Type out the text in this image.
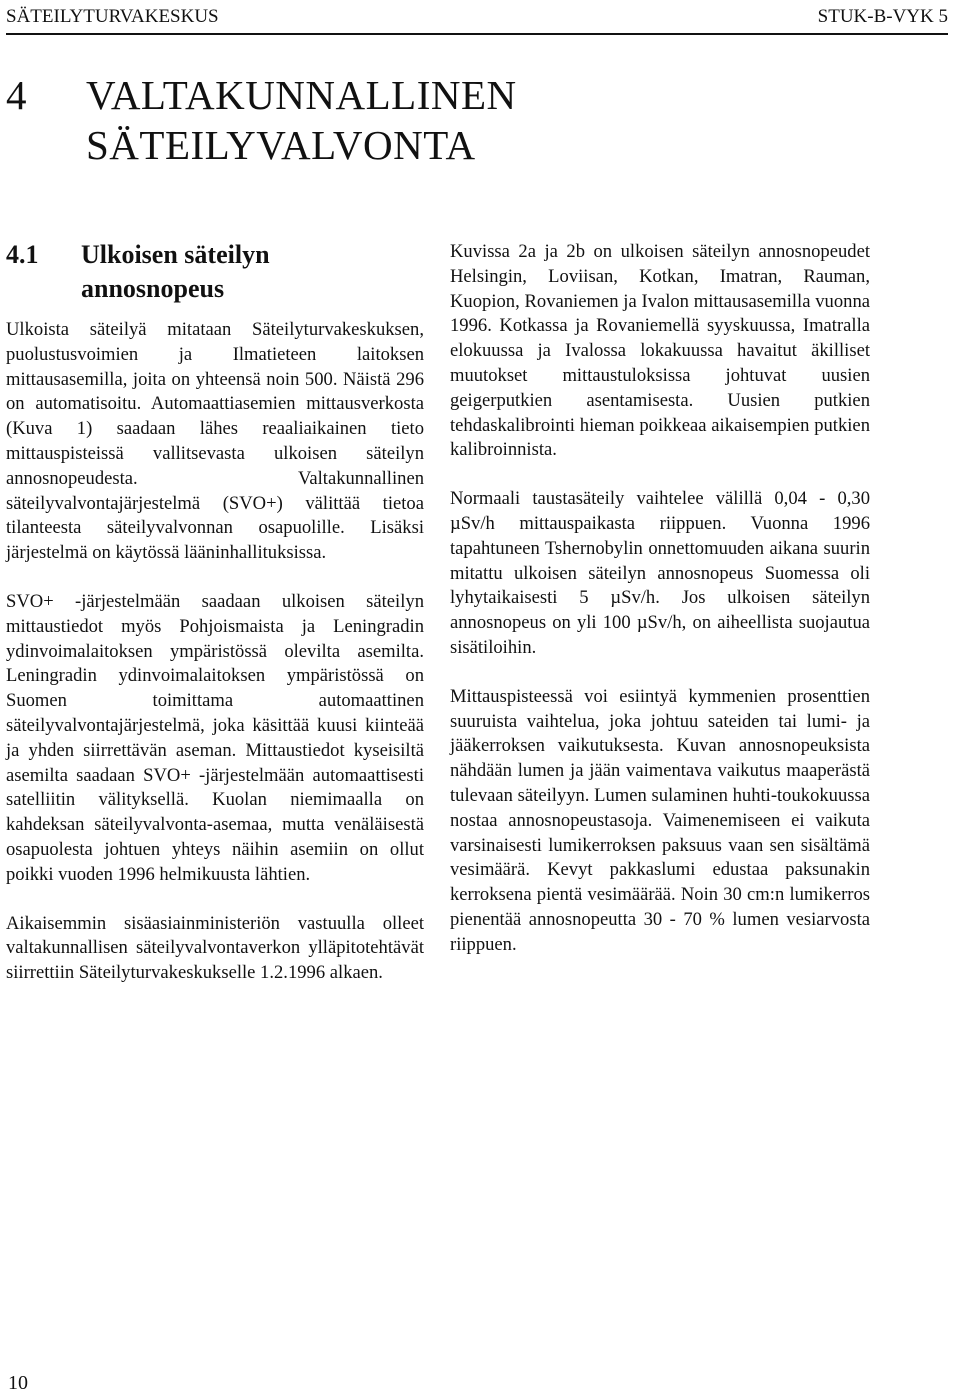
SÄTEILYTURVAKESKUS	STUK-B-VYK 5
4 VALTAKUNNALLINEN SÄTEILYVALVONTA
4.1 Ulkoisen säteilyn annosnopeus

Ulkoista säteilyä mitataan Säteilyturvakeskuksen, puolustusvoimien ja Ilmatieteen laitoksen mittausasemilla, joita on yhteensä noin 500. Näistä 296 on automatisoitu. Automaattiasemien mittausverkosta (Kuva 1) saadaan lähes reaaliaikainen tieto mittauspisteissä vallitsevasta ulkoisen säteilyn annosnopeudesta. Valtakunnallinen säteilyvalvontajärjestelmä (SVO+) välittää tietoa tilanteesta säteilyvalvonnan osapuolille. Lisäksi järjestelmä on käytössä lääninhallituksissa.

SVO+ -järjestelmään saadaan ulkoisen säteilyn mittaustiedot myös Pohjoismaista ja Leningradin ydinvoimalaitoksen ympäristössä olevilta asemilta. Leningradin ydinvoimalaitoksen ympäristössä on Suomen toimittama automaattinen säteilyvalvontajärjestelmä, joka käsittää kuusi kiinteää ja yhden siirrettävän aseman. Mittaustiedot kyseisiltä asemilta saadaan SVO+ -järjestelmään automaattisesti satelliitin välityksellä. Kuolan niemimaalla on kahdeksan säteilyvalvonta-asemaa, mutta venäläisestä osapuolesta johtuen yhteys näihin asemiin on ollut poikki vuoden 1996 helmikuusta lähtien.

Aikaisemmin sisäasiainministeriön vastuulla olleet valtakunnallisen säteilyvalvontaverkon ylläpitotehtävät siirrettiin Säteilyturvakeskukselle 1.2.1996 alkaen.

Kuvissa 2a ja 2b on ulkoisen säteilyn annosnopeudet Helsingin, Loviisan, Kotkan, Imatran, Rauman, Kuopion, Rovaniemen ja Ivalon mittausasemilla vuonna 1996. Kotkassa ja Rovaniemellä syyskuussa, Imatralla elokuussa ja Ivalossa lokakuussa havaitut äkilliset muutokset mittaustuloksissa johtuvat uusien geigerputkien asentamisesta. Uusien putkien tehdaskalibrointi hieman poikkeaa aikaisempien putkien kalibroinnista.

Normaali taustasäteily vaihtelee välillä 0,04 - 0,30 µSv/h mittauspaikasta riippuen. Vuonna 1996 tapahtuneen Tshernobylin onnettomuuden aikana suurin mitattu ulkoisen säteilyn annosnopeus Suomessa oli lyhytaikaisesti 5 µSv/h. Jos ulkoisen säteilyn annosnopeus on yli 100 µSv/h, on aiheellista suojautua sisätiloihin.

Mittauspisteessä voi esiintyä kymmenien prosenttien suuruista vaihtelua, joka johtuu sateiden tai lumi- ja jääkerroksen vaikutuksesta. Kuvan annosnopeuksista nähdään lumen ja jään vaimentava vaikutus maaperästä tulevaan säteilyyn. Lumen sulaminen huhti-toukokuussa nostaa annosnopeustasoja. Vaimenemiseen ei vaikuta varsinaisesti lumikerroksen paksuus vaan sen sisältämä vesimäärä. Kevyt pakkaslumi edustaa paksunakin kerroksena pientä vesimäärää. Noin 30 cm:n lumikerros pienentää annosnopeutta 30 - 70 % lumen vesiarvosta riippuen.

10
